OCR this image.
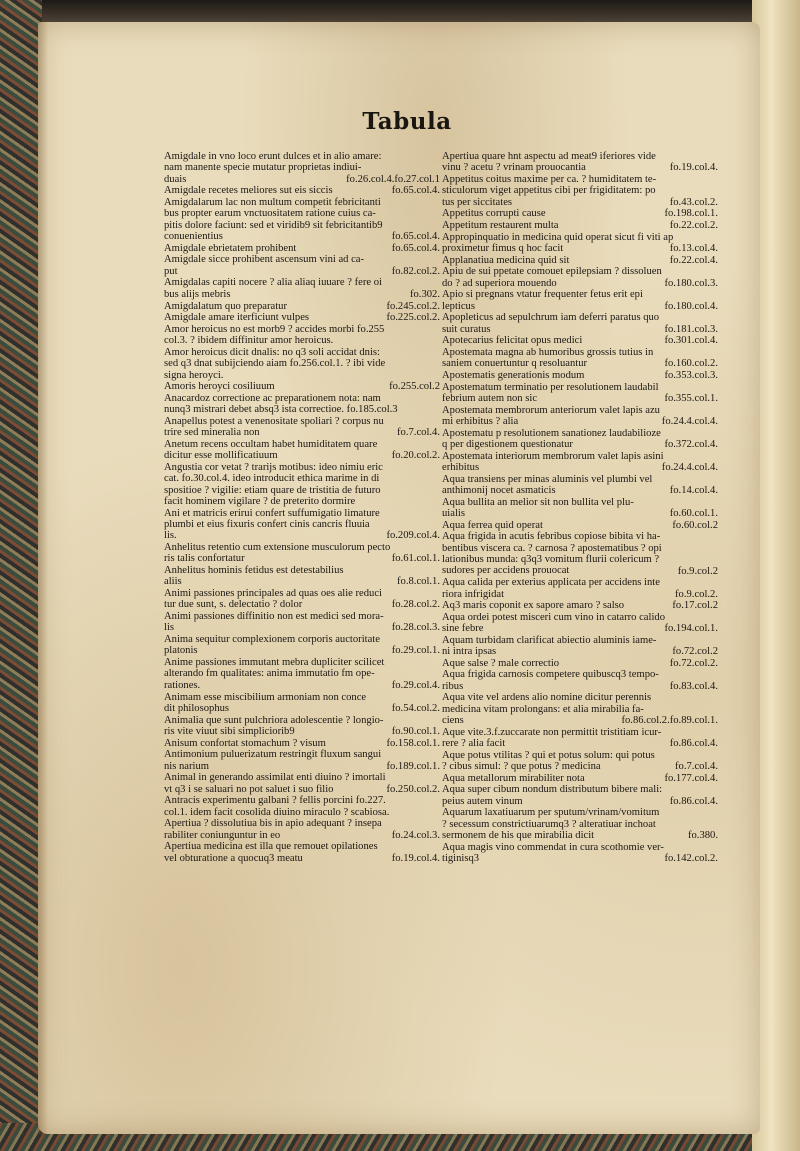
Tabula
Amigdale in vno loco erunt dulces et in alio amare:
nam manente specie mutatur proprietas indiui-
duais	fo.26.col.4.fo.27.col.1
Amigdale recetes meliores sut eis siccis	fo.65.col.4.
Amigdalarum lac non multum competit febricitanti
bus propter earum vnctuositatem ratione cuius ca-
pitis dolore faciunt: sed et viridib9 sit febricitantib9
conuenientius	fo.65.col.4.
Amigdale ebrietatem prohibent	fo.65.col.4.
Amigdale sicce prohibent ascensum vini ad ca-
put	fo.82.col.2.
Amigdalas capiti nocere ? alia aliaq iuuare ? fere oi
bus alijs mebris	fo.302.
Amigdalatum quo preparatur	fo.245.col.2.
Amigdale amare iterficiunt vulpes	fo.225.col.2.
Amor heroicus no est morb9 ? accides morbi fo.255
col.3. ? ibidem diffinitur amor heroicus.
Amor heroicus dicit dnalis: no q3 soli accidat dnis:
sed q3 dnat subijciendo aiam fo.256.col.1. ? ibi vide
signa heroyci.
Amoris heroyci cosiliuum	fo.255.col.2
Anacardoz correctione ac preparationem nota: nam
nunq3 mistrari debet absq3 ista correctioe. fo.185.col.3
Anapellus potest a venenositate spoliari ? corpus nu
trire sed mineralia non	fo.7.col.4.
Anetum recens occultam habet humiditatem quare
dicitur esse mollificatiuum	fo.20.col.2.
Angustia cor vetat ? trarijs motibus: ideo nimiu eric
cat. fo.30.col.4. ideo introducit ethica marime in di
spositioe ? vigilie: etiam quare de tristitia de futuro
facit hominem vigilare ? de preterito dormire
Ani et matricis erirui confert suffumigatio limature
plumbi et eius fixuris confert cinis cancris fluuia
lis.	fo.209.col.4.
Anhelitus retentio cum extensione musculorum pecto
ris talis confortatur	fo.61.col.1.
Anhelitus hominis fetidus est detestabilius
aliis	fo.8.col.1.
Animi passiones principales ad quas oes alie reduci
tur due sunt, s. delectatio ? dolor	fo.28.col.2.
Animi passiones diffinitio non est medici sed mora-
lis	fo.28.col.3.
Anima sequitur complexionem corporis auctoritate
platonis	fo.29.col.1.
Anime passiones immutant mebra dupliciter scilicet
alterando fm qualitates: anima immutatio fm ope-
rationes.	fo.29.col.4.
Animam esse miscibilium armoniam non conce
dit philosophus	fo.54.col.2.
Animalia que sunt pulchriora adolescentie ? longio-
ris vite viuut sibi simpliciorib9	fo.90.col.1.
Anisum confortat stomachum ? visum	fo.158.col.1.
Antimonium puluerizatum restringit fluxum sangui
nis narium	fo.189.col.1.
Animal in generando assimilat enti diuino ? imortali
vt q3 i se saluari no pot saluet i suo filio	fo.250.col.2.
Antracis experimentu galbani ? fellis porcini fo.227.
col.1. idem facit cosolida diuino miraculo ? scabiosa.
Apertiua ? dissolutiua bis in apio adequant ? insepa
rabiliter coniunguntur in eo	fo.24.col.3.
Apertiua medicina est illa que remouet opilationes
vel obturatione a quocuq3 meatu	fo.19.col.4.
Apertiua quare hnt aspectu ad meat9 iferiores vide
vinu ? acetu ? vrinam prouocantia	fo.19.col.4.
Appetitus coitus maxime per ca. ? humiditatem te-
sticulorum viget appetitus cibi per frigiditatem: po
tus per siccitates	fo.43.col.2.
Appetitus corrupti cause	fo.198.col.1.
Appetitum restaurent multa	fo.22.col.2.
Appropinquatio in medicina quid operat sicut fi viti ap
proximetur fimus q hoc facit	fo.13.col.4.
Applanatiua medicina quid sit	fo.22.col.4.
Apiu de sui ppetate comouet epilepsiam ? dissoluen
do ? ad superiora mouendo	fo.180.col.3.
Apio si pregnans vtatur frequenter fetus erit epi
lepticus	fo.180.col.4.
Apopleticus ad sepulchrum iam deferri paratus quo
suit curatus	fo.181.col.3.
Apotecarius felicitat opus medici	fo.301.col.4.
Apostemata magna ab humoribus grossis tutius in
saniem conuertuntur q resoluantur	fo.160.col.2.
Apostematis generationis modum	fo.353.col.3.
Apostematum terminatio per resolutionem laudabil
febrium autem non sic	fo.355.col.1.
Apostemata membrorum anteriorum valet lapis azu
mi erhibitus ? alia	fo.24.4.col.4.
Apostematu p resolutionem sanationez laudabilioze
q per digestionem questionatur	fo.372.col.4.
Apostemata interiorum membrorum valet lapis asini
erhibitus	fo.24.4.col.4.
Aqua transiens per minas aluminis vel plumbi vel
anthimonij nocet asmaticis	fo.14.col.4.
Aqua bullita an melior sit non bullita vel plu-
uialis	fo.60.col.1.
Aqua ferrea quid operat	fo.60.col.2
Aqua frigida in acutis febribus copiose bibita vi ha-
bentibus viscera ca. ? carnosa ? apostematibus ? opi
lationibus munda: q3q3 vomitum flurii colericum ?
sudores per accidens prouocat	fo.9.col.2
Aqua calida per exterius applicata per accidens inte
riora infrigidat	fo.9.col.2.
Aq3 maris coponit ex sapore amaro ? salso	fo.17.col.2
Aqua ordei potest misceri cum vino in catarro calido
sine febre	fo.194.col.1.
Aquam turbidam clarificat abiectio aluminis iame-
ni intra ipsas	fo.72.col.2
Aque salse ? male correctio	fo.72.col.2.
Aqua frigida carnosis competere quibuscq3 tempo-
ribus	fo.83.col.4.
Aqua vite vel ardens alio nomine dicitur perennis
medicina vitam prolongans: et alia mirabilia fa-
ciens	fo.86.col.2.fo.89.col.1.
Aque vite.3.f.zuccarate non permittit tristitiam icur-
rere ? alia facit	fo.86.col.4.
Aque potus vtilitas ? qui et potus solum: qui potus
? cibus simul: ? que potus ? medicina	fo.7.col.4.
Aqua metallorum mirabiliter nota	fo.177.col.4.
Aqua super cibum nondum distributum bibere mali:
peius autem vinum	fo.86.col.4.
Aquarum laxatiuarum per sputum/vrinam/vomitum
? secessum constrictiuarumq3 ? alteratiuar inchoat
sermonem de his que mirabilia dicit	fo.380.
Aqua magis vino commendat in cura scothomie ver-
tiginisq3	fo.142.col.2.
